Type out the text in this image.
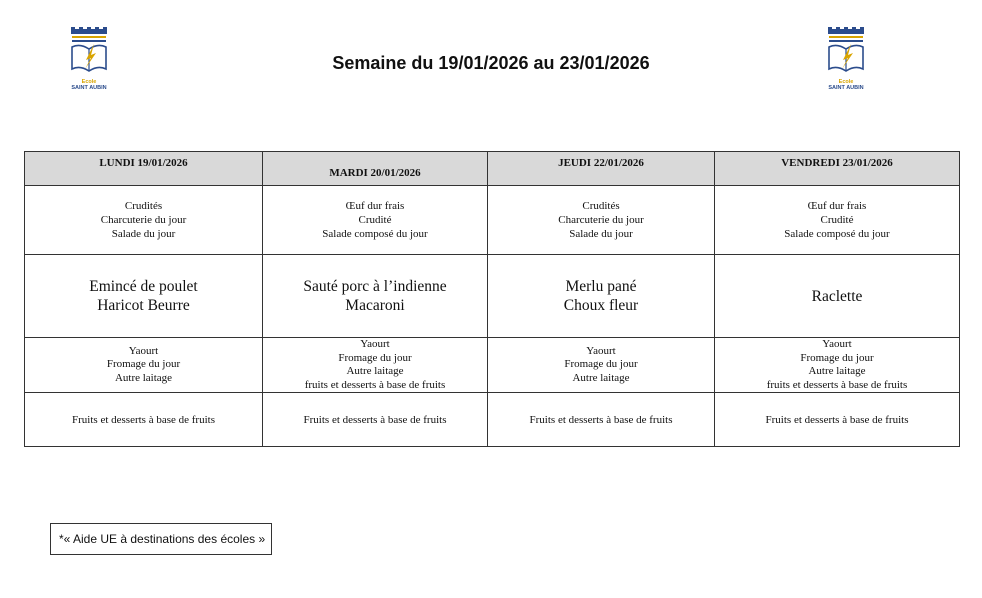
Ecole
SAINT AUBIN
Ecole
SAINT AUBIN
Semaine du 19/01/2026 au 23/01/2026
LUNDI 19/01/2026	MARDI 20/01/2026	JEUDI 22/01/2026	VENDREDI 23/01/2026

Crudités
Charcuterie du jour
Salade du jour	Œuf dur frais
Crudité
Salade composé du jour	Crudités
Charcuterie du jour
Salade du jour	Œuf dur frais
Crudité
Salade composé du jour

Emincé de poulet
Haricot Beurre	Sauté porc à l’indienne
Macaroni	Merlu pané
Choux fleur	Raclette

Yaourt
Fromage du jour
Autre laitage	Yaourt
Fromage du jour
Autre laitage
fruits et desserts à base de fruits	Yaourt
Fromage du jour
Autre laitage	Yaourt
Fromage du jour
Autre laitage
fruits et desserts à base de fruits

Fruits et desserts à base de fruits	Fruits et desserts à base de fruits	Fruits et desserts à base de fruits	Fruits et desserts à base de fruits
*« Aide UE à destinations des écoles »
